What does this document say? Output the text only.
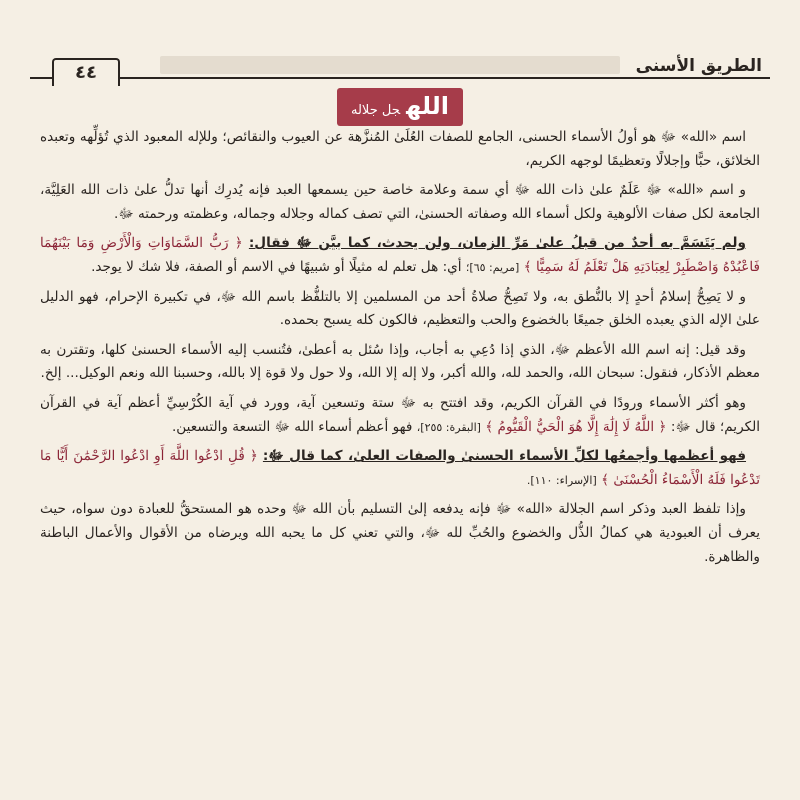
٤٤	الطريق الأسنى
اللهجل جلاله

اسم «الله» ﷻ هو أولُ الأسماء الحسنى، الجامع للصفات العُلَىٰ المُنزَّهة عن العيوب والنقائص؛ وللإله المعبود الذي تُؤلِّهه وتعبده الخلائق، حبًّا وإجلالًا وتعظيمًا لوجهه الكريم،

و اسم «الله» ﷻ عَلَمٌ علىٰ ذات الله ﷻ أي سمة وعلامة خاصة حين يسمعها العبد فإنه يُدرِك أنها تدلُّ علىٰ ذات الله العَلِيَّة، الجامعة لكل صفات الألوهية ولكل أسماء الله وصفاته الحسنىٰ، التي تصف كماله وجلاله وجماله، وعظمته ورحمته ﷻ.

ولم يَتَسَمَّ به أحدٌ من قبلُ علىٰ مَرِّ الزمان، ولن يحدث، كما بيَّن ﷻ فقال: ﴿ رَبُّ السَّمَاوَاتِ وَالْأَرْضِ وَمَا بَيْنَهُمَا فَاعْبُدْهُ وَاصْطَبِرْ لِعِبَادَتِهِ هَلْ تَعْلَمُ لَهُ سَمِيًّا ﴾ [مريم: ٦٥]؛ أي: هل تعلم له مثيلًا أو شبيهًا في الاسم أو الصفة، فلا شك لا يوجد.

و لا يَصِحُّ إسلامُ أحدٍ إلا بالنُّطق به، ولا تَصِحُّ صلاةُ أحد من المسلمين إلا بالتلفُّظ باسم الله ﷻ، في تكبيرة الإحرام، فهو الدليل علىٰ الإله الذي يعبده الخلق جميعًا بالخضوع والحب والتعظيم، فالكون كله يسبح بحمده.

وقد قيل: إنه اسم الله الأعظم ﷻ، الذي إذا دُعِي به أجاب، وإذا سُئل به أعطىٰ، فتُنسب إليه الأسماء الحسنىٰ كلها، وتقترن به معظم الأذكار، فنقول: سبحان الله، والحمد لله، والله أكبر، ولا إله إلا الله، ولا حول ولا قوة إلا بالله، وحسبنا الله ونعم الوكيل... إلخ.

وهو أكثر الأسماء ورودًا في القرآن الكريم، وقد افتتح به ﷻ ستة وتسعين آية، وورد في آية الكُرْسِيِّ أعظم آية في القرآن الكريم؛ قال ﷻ: ﴿ اللَّهُ لَا إِلَٰهَ إِلَّا هُوَ الْحَيُّ الْقَيُّومُ ﴾ [البقرة: ٢٥٥]، فهو أعظم أسماء الله ﷻ التسعة والتسعين.

فهو أعظمها وأجمعُها لكلِّ الأسماء الحسنىٰ والصفات العلىٰ، كما قال ﷻ: ﴿ قُلِ ادْعُوا اللَّهَ أَوِ ادْعُوا الرَّحْمَٰنَ أَيًّا مَا تَدْعُوا فَلَهُ الْأَسْمَاءُ الْحُسْنَىٰ ﴾ [الإسراء: ١١٠].

وإذا تلفظ العبد وذكر اسم الجلالة «الله» ﷻ فإنه يدفعه إلىٰ التسليم بأن الله ﷻ وحده هو المستحقُّ للعبادة دون سواه، حيث يعرف أن العبودية هي كمالُ الذُّل والخضوع والحُبِّ لله ﷻ، والتي تعني كل ما يحبه الله ويرضاه من الأقوال والأعمال الباطنة والظاهرة.
